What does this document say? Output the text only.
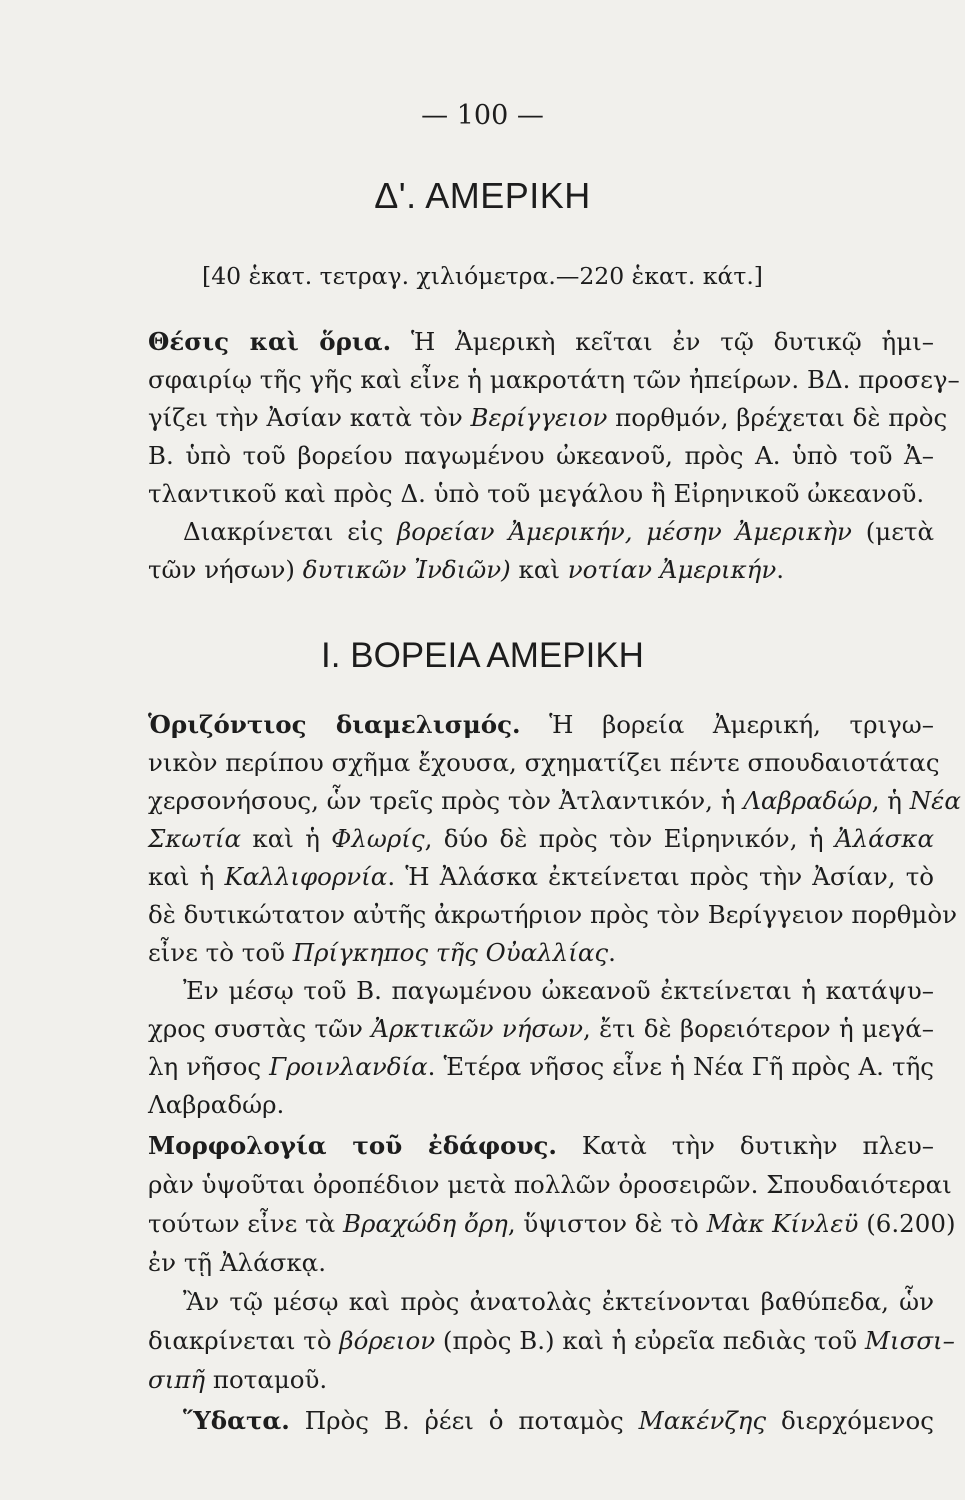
— 100 —
Δ'. ΑΜΕΡΙΚΗ
[40 ἑκατ. τετραγ. χιλιόμετρα.—220 ἑκατ. κάτ.]
Θέσις καὶ ὅρια. Ἡ Ἀμερικὴ κεῖται ἐν τῷ δυτικῷ ἡμι–
σφαιρίῳ τῆς γῆς καὶ εἶνε ἡ μακροτάτη τῶν ἠπείρων. ΒΔ. προσεγ–
γίζει τὴν Ἀσίαν κατὰ τὸν Βερίγγειον πορθμόν, βρέχεται δὲ πρὸς
Β. ὑπὸ τοῦ βορείου παγωμένου ὠκεανοῦ, πρὸς Α. ὑπὸ τοῦ Ἀ–
τλαντικοῦ καὶ πρὸς Δ. ὑπὸ τοῦ μεγάλου ἢ Εἰρηνικοῦ ὠκεανοῦ.
Διακρίνεται εἰς βορείαν Ἀμερικήν, μέσην Ἀμερικὴν (μετὰ
τῶν νήσων) δυτικῶν Ἰνδιῶν) καὶ νοτίαν Ἀμερικήν.
Ι. ΒΟΡΕΙΑ ΑΜΕΡΙΚΗ
Ὁριζόντιος διαμελισμός. Ἡ βορεία Ἀμερική, τριγω–
νικὸν περίπου σχῆμα ἔχουσα, σχηματίζει πέντε σπουδαιοτάτας
χερσονήσους, ὧν τρεῖς πρὸς τὸν Ἀτλαντικόν, ἡ Λαβραδώρ, ἡ Νέα
Σκωτία καὶ ἡ Φλωρίς, δύο δὲ πρὸς τὸν Εἰρηνικόν, ἡ Ἀλάσκα
καὶ ἡ Καλλιφορνία. Ἡ Ἀλάσκα ἐκτείνεται πρὸς τὴν Ἀσίαν, τὸ
δὲ δυτικώτατον αὐτῆς ἀκρωτήριον πρὸς τὸν Βερίγγειον πορθμὸν
εἶνε τὸ τοῦ Πρίγκηπος τῆς Οὐαλλίας.
Ἐν μέσῳ τοῦ Β. παγωμένου ὠκεανοῦ ἐκτείνεται ἡ κατάψυ–
χρος συστὰς τῶν Ἀρκτικῶν νήσων, ἔτι δὲ βορειότερον ἡ μεγά–
λη νῆσος Γροινλανδία. Ἑτέρα νῆσος εἶνε ἡ Νέα Γῆ πρὸς Α. τῆς
Λαβραδώρ.
Μορφολογία τοῦ ἐδάφους. Κατὰ τὴν δυτικὴν πλευ–
ρὰν ὑψοῦται ὀροπέδιον μετὰ πολλῶν ὀροσειρῶν. Σπουδαιότεραι
τούτων εἶνε τὰ Βραχώδη ὄρη, ὕψιστον δὲ τὸ Μὰκ Κίνλεϋ (6.200)
ἐν τῇ Ἀλάσκᾳ.
Ἂν τῷ μέσῳ καὶ πρὸς ἀνατολὰς ἐκτείνονται βαθύπεδα, ὧν
διακρίνεται τὸ βόρειον (πρὸς Β.) καὶ ἡ εὐρεῖα πεδιὰς τοῦ Μισσι–
σιπῆ ποταμοῦ.
Ὕδατα. Πρὸς Β. ῥέει ὁ ποταμὸς Μακένζης διερχόμενος
